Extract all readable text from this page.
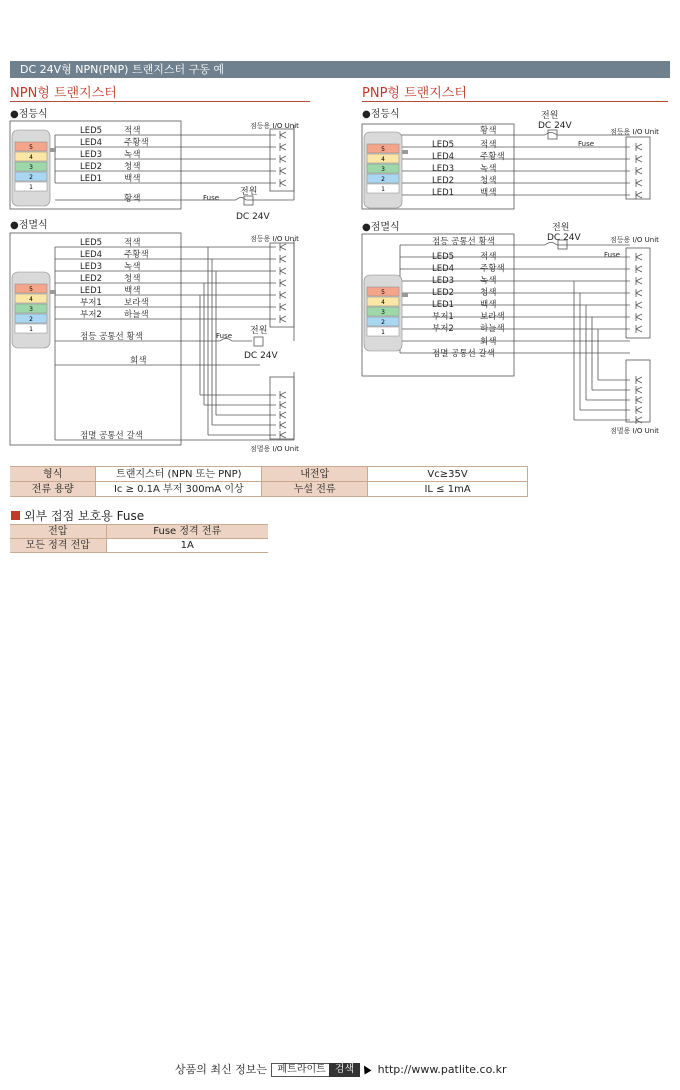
DC 24V형 NPN(PNP) 트랜지스터 구동 예
NPN형 트랜지스터	PNP형 트랜지스터
●점등식
●점멸식
●점등식
●점멸식
5
4
3
2
1
5
4
3
2
1
5
4
3
2
1
5
4
3
2
1
LED5	적색
LED4	주황색
LED3	녹색
LED2	청색
LED1	백색
황색	Fuse
전원
DC 24V
점등용 I/O Unit
LED5	적색
LED4	주황색
LED3	녹색
LED2	청색
LED1	백색
부저1	보라색
부저2	하늘색
점등 공통선 황색
회색
점멸 공통선 갈색
Fuse 전원
DC 24V
점등용 I/O Unit
점멸용 I/O Unit
황색
LED5	적색
LED4	주황색
LED3	녹색
LED2	청색
LED1	백색
전원
DC 24V
Fuse
점등용 I/O Unit
점등 공통선 황색
LED5	적색
LED4	주황색
LED3	녹색
LED2	청색
LED1	백색
부저1	보라색
부저2	하늘색
회색
점멸 공통선 갈색
전원
DC 24V
Fuse
점등용 I/O Unit
점멸용 I/O Unit
형식	트랜지스터 (NPN 또는 PNP)	내전압	Vc≥35V
전류 용량	Ic ≥ 0.1A 부저 300mA 이상	누설 전류	IL ≤ 1mA
외부 접점 보호용 Fuse
전압	Fuse 정격 전류
모든 정격 전압	1A
상품의 최신 정보는 페트라이트 검색 http://www.patlite.co.kr
